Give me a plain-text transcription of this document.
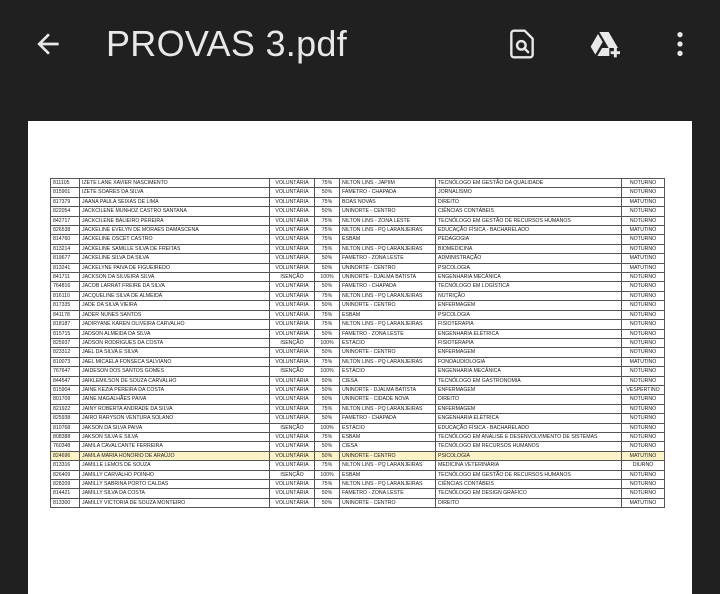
PROVAS 3.pdf
811105	IZETE LANE XAVIER NASCIMENTO	VOLUNTÁRIA	75%	NILTON LINS - JAPIIM	TECNÓLOGO EM GESTÃO DA QUALIDADE	NOTURNO
815901	IZETE SOARES DA SILVA	VOLUNTÁRIA	50%	FAMETRO - CHAPADA	JORNALISMO	NOTURNO
817379	JAANA PAULA SEIXAS DE LIMA	VOLUNTÁRIA	75%	BOAS NOVAS	DIREITO	MATUTINO
822054	JACKCILENE MUNHOZ CASTRO SANTANA	VOLUNTÁRIA	50%	UNINORTE - CENTRO	CIÊNCIAS CONTÁBEIS	NOTURNO
842717	JACKCILENE BALIEIRO PEREIRA	VOLUNTÁRIA	75%	NILTON LINS - ZONA LESTE	TECNÓLOGO EM GESTÃO DE RECURSOS HUMANOS	NOTURNO
826538	JACKELINE EVELYN DE MORAES DAMASCENA	VOLUNTÁRIA	75%	NILTON LINS - PQ LARANJEIRAS	EDUCAÇÃO FÍSICA - BACHARELADO	MATUTINO
814760	JACKELINE OSCET CASTRO	VOLUNTÁRIA	75%	ESBAM	PEDAGOGIA	NOTURNO
813214	JACKELINE SAMILLE SILVA DE FREITAS	VOLUNTÁRIA	75%	NILTON LINS - PQ LARANJEIRAS	BIOMEDICINA	NOTURNO
819677	JACKELINE SILVA DA SILVA	VOLUNTÁRIA	50%	FAMETRO - ZONA LESTE	ADMINISTRAÇÃO	MATUTINO
813241	JACKELYNE PAIVA DE FIGUEIREDO	VOLUNTÁRIA	50%	UNINORTE - CENTRO	PSICOLOGIA	MATUTINO
841711	JACKSON DA SILVEIRA SILVA	ISENÇÃO	100%	UNINORTE - DJALMA BATISTA	ENGENHARIA MECÂNICA	NOTURNO
764816	JACOB LARRAT FREIRE DA SILVA	VOLUNTÁRIA	50%	FAMETRO - CHAPADA	TECNÓLOGO EM LOGÍSTICA	NOTURNO
816110	JACQUELINE SILVA DE ALMEIDA	VOLUNTÁRIA	75%	NILTON LINS - PQ LARANJEIRAS	NUTRIÇÃO	NOTURNO
817335	JADE DA SILVA VIEIRA	VOLUNTÁRIA	50%	UNINORTE - CENTRO	ENFERMAGEM	NOTURNO
841178	JADER NUNES SANTOS	VOLUNTÁRIA	75%	ESBAM	PSICOLOGIA	NOTURNO
818187	JADIRYANE KAREN OLIVEIRA CARVALHO	VOLUNTÁRIA	75%	NILTON LINS - PQ LARANJEIRAS	FISIOTERAPIA	NOTURNO
815715	JADSON ALMEIDA DA SILVA	VOLUNTÁRIA	50%	FAMETRO - ZONA LESTE	ENGENHARIA ELÉTRICA	NOTURNO
825937	JADSON RODRIGUES DA COSTA	ISENÇÃO	100%	ESTÁCIO	FISIOTERAPIA	NOTURNO
823312	JAEL DA SILVA E SILVA	VOLUNTÁRIA	50%	UNINORTE - CENTRO	ENFERMAGEM	NOTURNO
810073	JAEL MICAELA FONSECA SALVIANO	VOLUNTÁRIA	75%	NILTON LINS - PQ LARANJEIRAS	FONOAUDIOLOGIA	MATUTINO
767647	JAIDESON DOS SANTOS GOMES	ISENÇÃO	100%	ESTÁCIO	ENGENHARIA MECÂNICA	NOTURNO
844547	JAIKLEMILSON DE SOUZA CARVALHO	VOLUNTÁRIA	50%	CIESA	TECNÓLOGO EM GASTRONOMIA	NOTURNO
815904	JAINE KEZIA PEREIRA DA COSTA	VOLUNTÁRIA	50%	UNINORTE - DJALMA BATISTA	ENFERMAGEM	VESPERTINO
801709	JAINE MAGALHÃES PAIVA	VOLUNTÁRIA	50%	UNINORTE - CIDADE NOVA	DIREITO	NOTURNO
821922	JAINY ROBERTA ANDRADE DA SILVA	VOLUNTÁRIA	75%	NILTON LINS - PQ LARANJEIRAS	ENFERMAGEM	NOTURNO
825938	JAIRO RARYSON VENTURA SOLANO	VOLUNTÁRIA	50%	FAMETRO - CHAPADA	ENGENHARIA ELÉTRICA	NOTURNO
810768	JAKSON DA SILVA PAIVA	ISENÇÃO	100%	ESTÁCIO	EDUCAÇÃO FÍSICA - BACHARELADO	NOTURNO
808388	JAKSON SILVA E SILVA	VOLUNTÁRIA	75%	ESBAM	TECNÓLOGO EM ANÁLISE E DESENVOLVIMENTO DE SISTEMAS	NOTURNO
760348	JAMILA CAVALCANTE FERREIRA	VOLUNTÁRIA	50%	CIESA	TECNÓLOGO EM RECURSOS HUMANOS	NOTURNO
824696	JAMILA MARIA HONORIO DE ARAÚJO	VOLUNTÁRIA	50%	UNINORTE - CENTRO	PSICOLOGIA	MATUTINO
813316	JAMILLE LEMOS DE SOUZA	VOLUNTÁRIA	75%	NILTON LINS - PQ LARANJEIRAS	MEDICINA VETERINÁRIA	DIURNO
826409	JAMILLY CARVALHO POINHO	ISENÇÃO	100%	ESBAM	TECNÓLOGO EM GESTÃO DE RECURSOS HUMANOS	NOTURNO
828209	JAMILLY SABRINA PORTO CALDAS	VOLUNTÁRIA	75%	NILTON LINS - PQ LARANJEIRAS	CIÊNCIAS CONTÁBEIS	NOTURNO
814421	JAMILLY SILVA DA COSTA	VOLUNTÁRIA	50%	FAMETRO - ZONA LESTE	TECNÓLOGO EM DESIGN GRÁFICO	NOTURNO
813300	JAMILLY VICTORIA DE SOUZA MONTEIRO	VOLUNTÁRIA	50%	UNINORTE - CENTRO	DIREITO	MATUTINO
